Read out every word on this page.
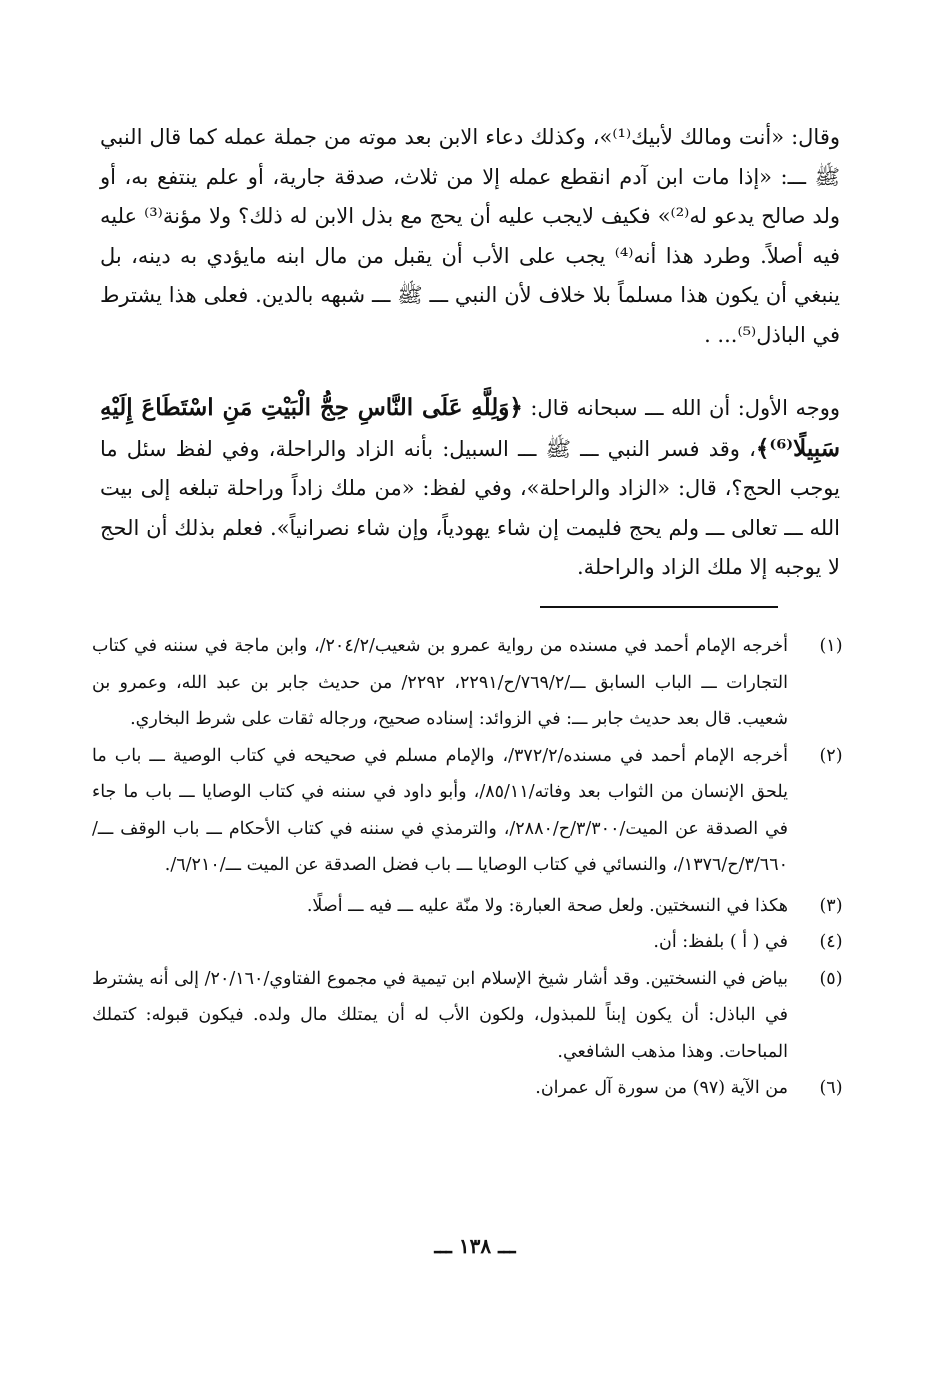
وقال: «أنت ومالك لأبيك⁽¹⁾»، وكذلك دعاء الابن بعد موته من جملة عمله كما قال النبي ﷺ ـــ: «إذا مات ابن آدم انقطع عمله إلا من ثلاث، صدقة جارية، أو علم ينتفع به، أو ولد صالح يدعو له⁽²⁾» فكيف لايجب عليه أن يحج مع بذل الابن له ذلك؟ ولا مؤنة⁽³⁾ عليه فيه أصلاً. وطرد هذا أنه⁽⁴⁾ يجب على الأب أن يقبل من مال ابنه مايؤدي به دينه، بل ينبغي أن يكون هذا مسلماً بلا خلاف لأن النبي ـــ ﷺ ـــ شبهه بالدين. فعلى هذا يشترط في الباذل⁽⁵⁾... .

ووجه الأول: أن الله ـــ سبحانه قال: ﴿وَلِلَّهِ عَلَى النَّاسِ حِجُّ الْبَيْتِ مَنِ اسْتَطَاعَ إِلَيْهِ سَبِيلًا⁽⁶⁾﴾، وقد فسر النبي ـــ ﷺ ـــ السبيل: بأنه الزاد والراحلة، وفي لفظ سئل ما يوجب الحج؟، قال: «الزاد والراحلة»، وفي لفظ: «من ملك زاداً وراحلة تبلغه إلى بيت الله ـــ تعالى ـــ ولم يحج فليمت إن شاء يهودياً، وإن شاء نصرانياً». فعلم بذلك أن الحج لا يوجبه إلا ملك الزاد والراحلة.

(١)
أخرجه الإمام أحمد في مسنده من رواية عمرو بن شعيب/٢٠٤/٢/، وابن ماجة في سننه في كتاب التجارات ـــ الباب السابق ـــ/٧٦٩/٢/ح/٢٢٩١، ٢٢٩٢/ من حديث جابر بن عبد الله، وعمرو بن شعيب. قال بعد حديث جابر ـــ: في الزوائد: إسناده صحيح، ورجاله ثقات على شرط البخاري.

(٢)
أخرجه الإمام أحمد في مسنده/٣٧٢/٢/، والإمام مسلم في صحيحه في كتاب الوصية ـــ باب ما يلحق الإنسان من الثواب بعد وفاته/٨٥/١١/، وأبو داود في سننه في كتاب الوصايا ـــ باب ما جاء في الصدقة عن الميت/٣/٣٠٠/ح/٢٨٨٠/، والترمذي في سننه في كتاب الأحكام ـــ باب الوقف ـــ/٣/٦٦٠/ح/١٣٧٦/، والنسائي في كتاب الوصايا ـــ باب فضل الصدقة عن الميت ـــ/٦/٢١٠/.

(٣)
هكذا في النسختين. ولعل صحة العبارة: ولا منّة عليه ـــ فيه ـــ أصلًا.

(٤)
في ( أ ) بلفظ: أن.

(٥)
بياض في النسختين. وقد أشار شيخ الإسلام ابن تيمية في مجموع الفتاوي/٢٠/١٦٠/ إلى أنه يشترط في الباذل: أن يكون إبناً للمبذول، ولكون الأب له أن يمتلك مال ولده. فيكون قبوله: كتملك المباحات. وهذا مذهب الشافعي.

(٦)
من الآية (٩٧) من سورة آل عمران.

ـــ ١٣٨ ـــ
